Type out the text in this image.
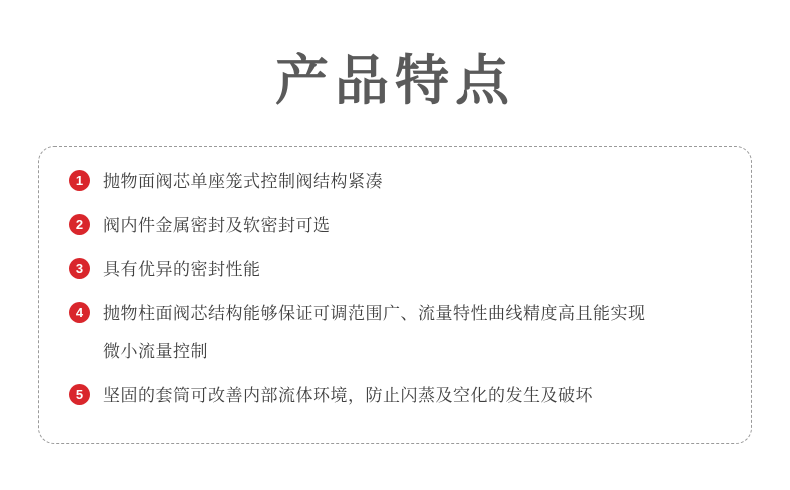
产品特点
1	抛物面阀芯单座笼式控制阀结构紧凑
2	阀内件金属密封及软密封可选
3	具有优异的密封性能
4	抛物柱面阀芯结构能够保证可调范围广、流量特性曲线精度高且能实现
微小流量控制
5	坚固的套筒可改善内部流体环境，防止闪蒸及空化的发生及破坏
